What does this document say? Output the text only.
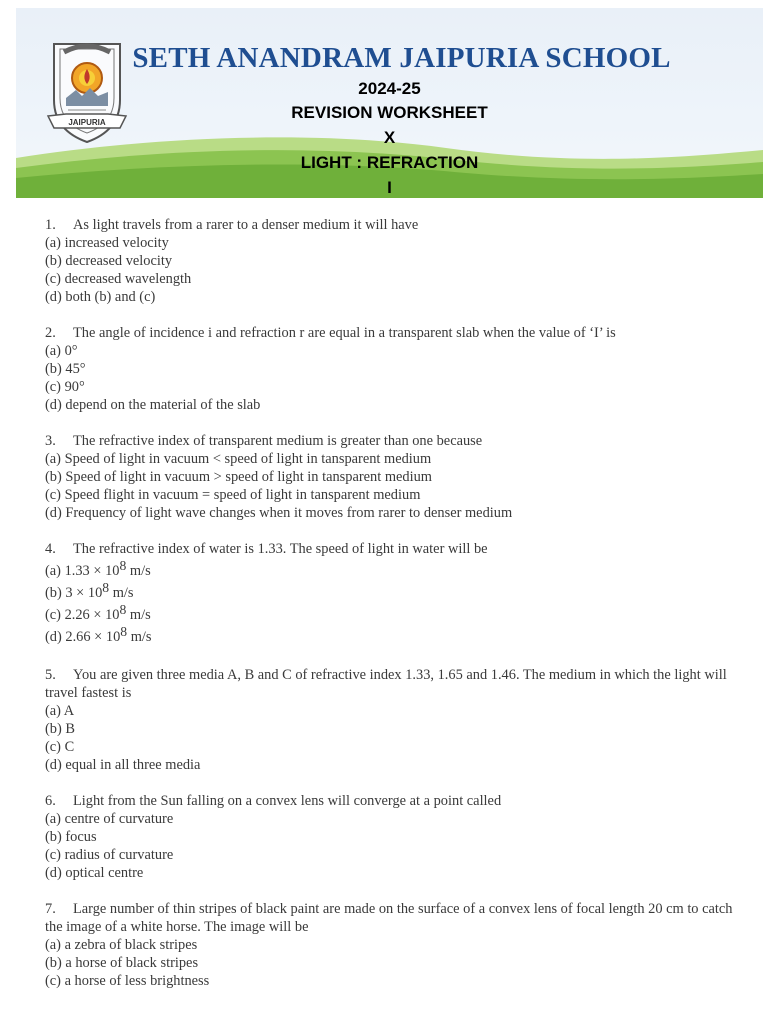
JAIPURIA
SETH ANANDRAM JAIPURIA SCHOOL
2024-25
REVISION WORKSHEET
X
LIGHT : REFRACTION
I
1. As light travels from a rarer to a denser medium it will have
(a) increased velocity
(b) decreased velocity
(c) decreased wavelength
(d) both (b) and (c)
2. The angle of incidence i and refraction r are equal in a transparent slab when the value of ‘I’ is
(a) 0°
(b) 45°
(c) 90°
(d) depend on the material of the slab
3. The refractive index of transparent medium is greater than one because
(a) Speed of light in vacuum < speed of light in tansparent medium
(b) Speed of light in vacuum > speed of light in tansparent medium
(c) Speed flight in vacuum = speed of light in tansparent medium
(d) Frequency of light wave changes when it moves from rarer to denser medium
4. The refractive index of water is 1.33. The speed of light in water will be
(a) $1.33 \times 10^8$ m/s
(b) $3 \times 10^8$ m/s
(c) $2.26 \times 10^8$ m/s
(d) $2.66 \times 10^8$ m/s
5. You are given three media A, B and C of refractive index 1.33, 1.65 and 1.46. The medium in which the light will travel fastest is
(a) A
(b) B
(c) C
(d) equal in all three media
6. Light from the Sun falling on a convex lens will converge at a point called
(a) centre of curvature
(b) focus
(c) radius of curvature
(d) optical centre
7. Large number of thin stripes of black paint are made on the surface of a convex lens of focal length 20 cm to catch the image of a white horse. The image will be
(a) a zebra of black stripes
(b) a horse of black stripes
(c) a horse of less brightness
